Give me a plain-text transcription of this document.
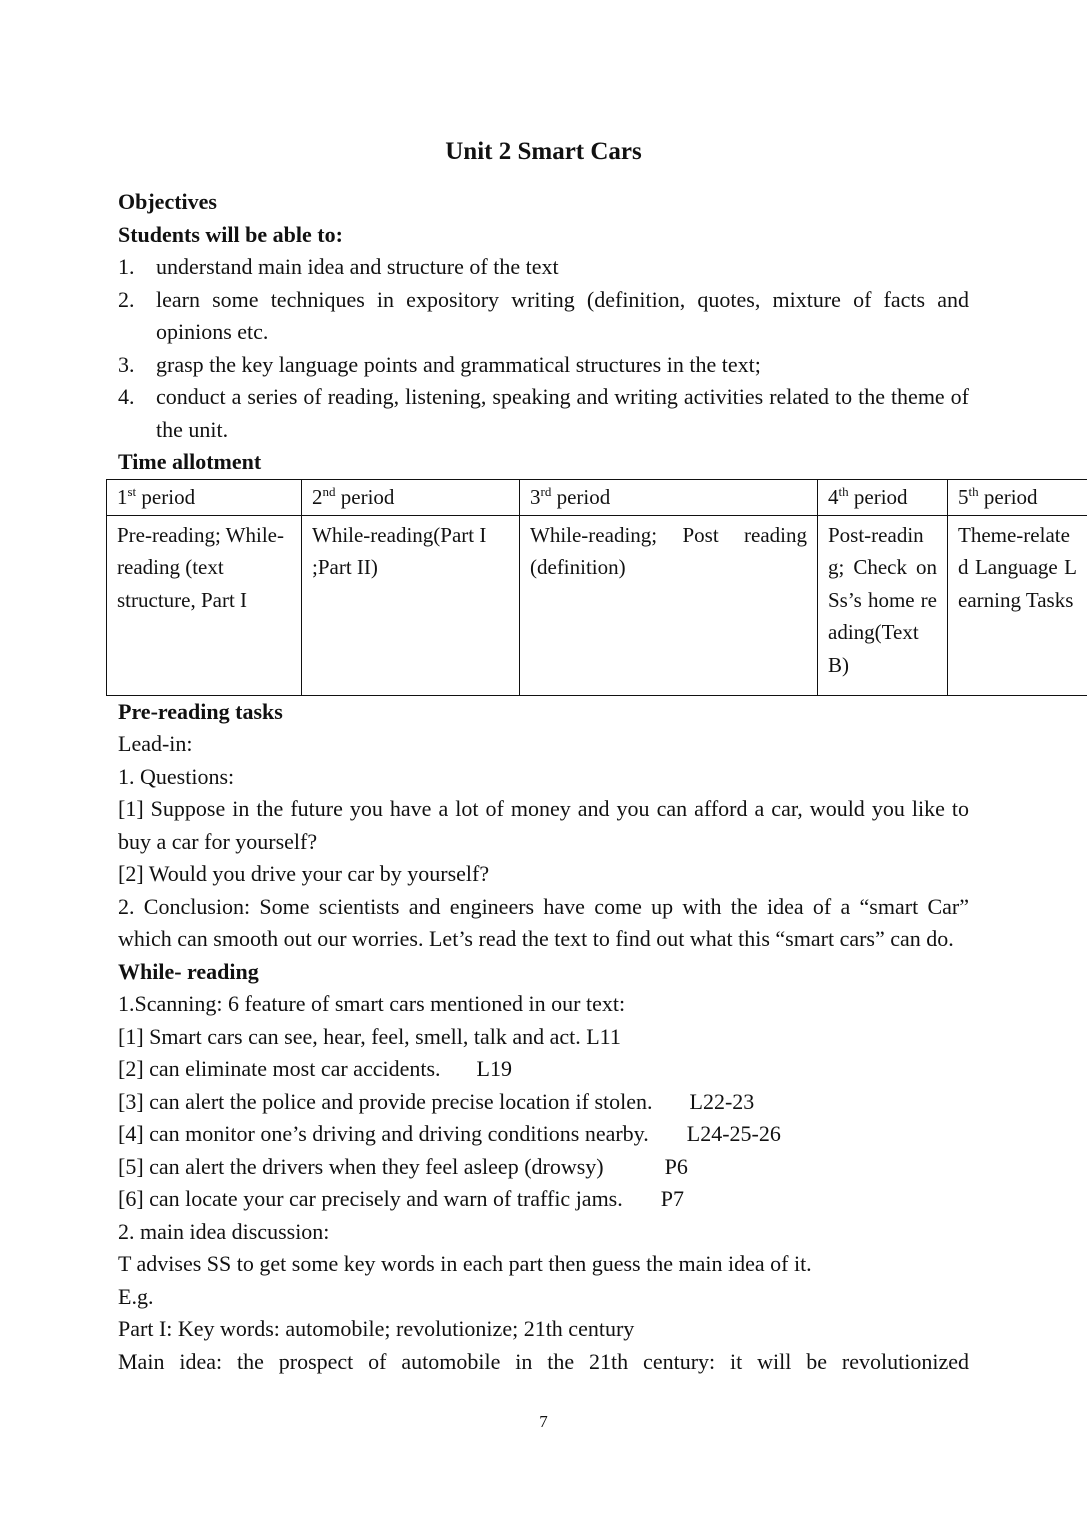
Unit 2 Smart Cars
Objectives
Students will be able to:
1. understand main idea and structure of the text
2. learn some techniques in expository writing (definition, quotes, mixture of facts and opinions etc.
3. grasp the key language points and grammatical structures in the text;
4. conduct a series of reading, listening, speaking and writing activities related to the theme of the unit.
Time allotment
1st period	2nd period	3rd period	4th period	5th period
Pre-reading; While-reading (text structure, Part I	While-reading(Part I ;Part II)	While-reading; Post reading (definition)	Post-reading; Check on Ss’s home reading(Text B)	Theme-related Language Learning Tasks
Pre-reading tasks
Lead-in:
1. Questions:
[1] Suppose in the future you have a lot of money and you can afford a car, would you like to buy a car for yourself?
[2] Would you drive your car by yourself?
2. Conclusion: Some scientists and engineers have come up with the idea of a “smart Car” which can smooth out our worries. Let’s read the text to find out what this “smart cars” can do.
While- reading
1.Scanning: 6 feature of smart cars mentioned in our text:
[1] Smart cars can see, hear, feel, smell, talk and act. L11
[2] can eliminate most car accidents. L19
[3] can alert the police and provide precise location if stolen. L22-23
[4] can monitor one’s driving and driving conditions nearby. L24-25-26
[5] can alert the drivers when they feel asleep (drowsy)	P6
[6] can locate your car precisely and warn of traffic jams. P7
2. main idea discussion:
T advises SS to get some key words in each part then guess the main idea of it.
E.g.
Part I: Key words: automobile; revolutionize; 21th century
Main idea: the prospect of automobile in the 21th century: it will be revolutionized
7
